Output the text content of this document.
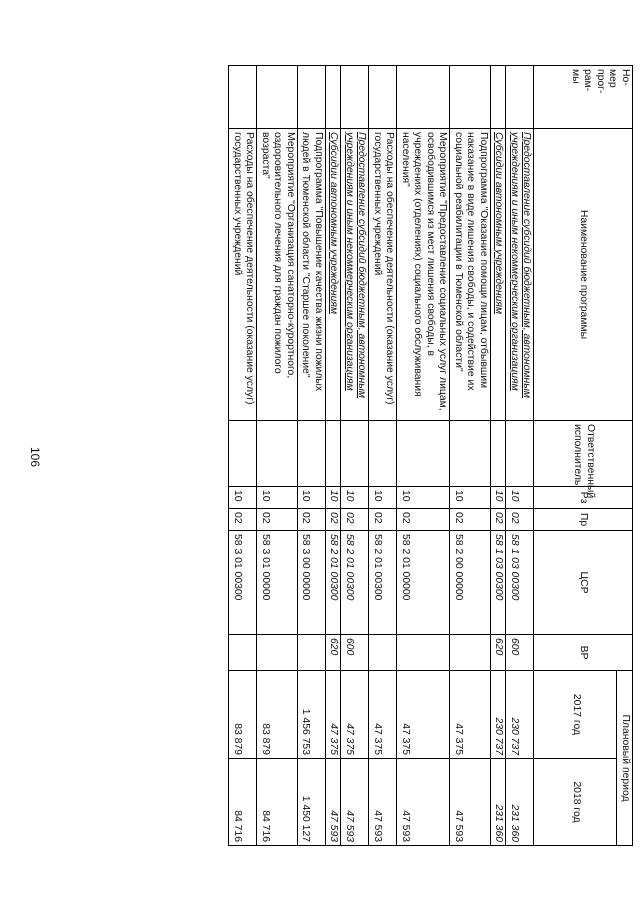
106
Но-
мер
прог-
рам-
мы	Наименование программы	Ответственный исполнитель	Рз	Пр	ЦСР	ВР	Плановый период	
							2017 год	2018 год
	Предоставление субсидий бюджетным, автономным учреждениям и иным некоммерческим организациям		10	02	58 1 03 00300	600	230 737	231 360
	Субсидии автономным учреждениям		10	02	58 1 03 00300	620	230 737	231 360
	Подпрограмма "Оказание помощи лицам, отбывшим наказание в виде лишения свободы, и содействие их социальной реабилитации в Тюменской области"		10	02	58 2 00 00000		47 375	47 593
	Мероприятие "Предоставление социальных услуг лицам, освободившимся из мест лишения свободы, в учреждениях (отделениях) социального обслуживания населения"		10	02	58 2 01 00000		47 375	47 593
	Расходы на обеспечение деятельности (оказание услуг) государственных учреждений		10	02	58 2 01 00300		47 375	47 593
	Предоставление субсидий бюджетным, автономным учреждениям и иным некоммерческим организациям		10	02	58 2 01 00300	600	47 375	47 593
	Субсидии автономным учреждениям		10	02	58 2 01 00300	620	47 375	47 593
	Подпрограмма "Повышение качества жизни пожилых людей в Тюменской области "Старшее поколение"		10	02	58 3 00 00000		1 456 753	1 450 127
	Мероприятие "Организация санаторно-курортного, оздоровительного лечения для граждан пожилого возраста"		10	02	58 3 01 00000		83 879	84 716
	Расходы на обеспечение деятельности (оказание услуг) государственных учреждений		10	02	58 3 01 00300		83 879	84 716
